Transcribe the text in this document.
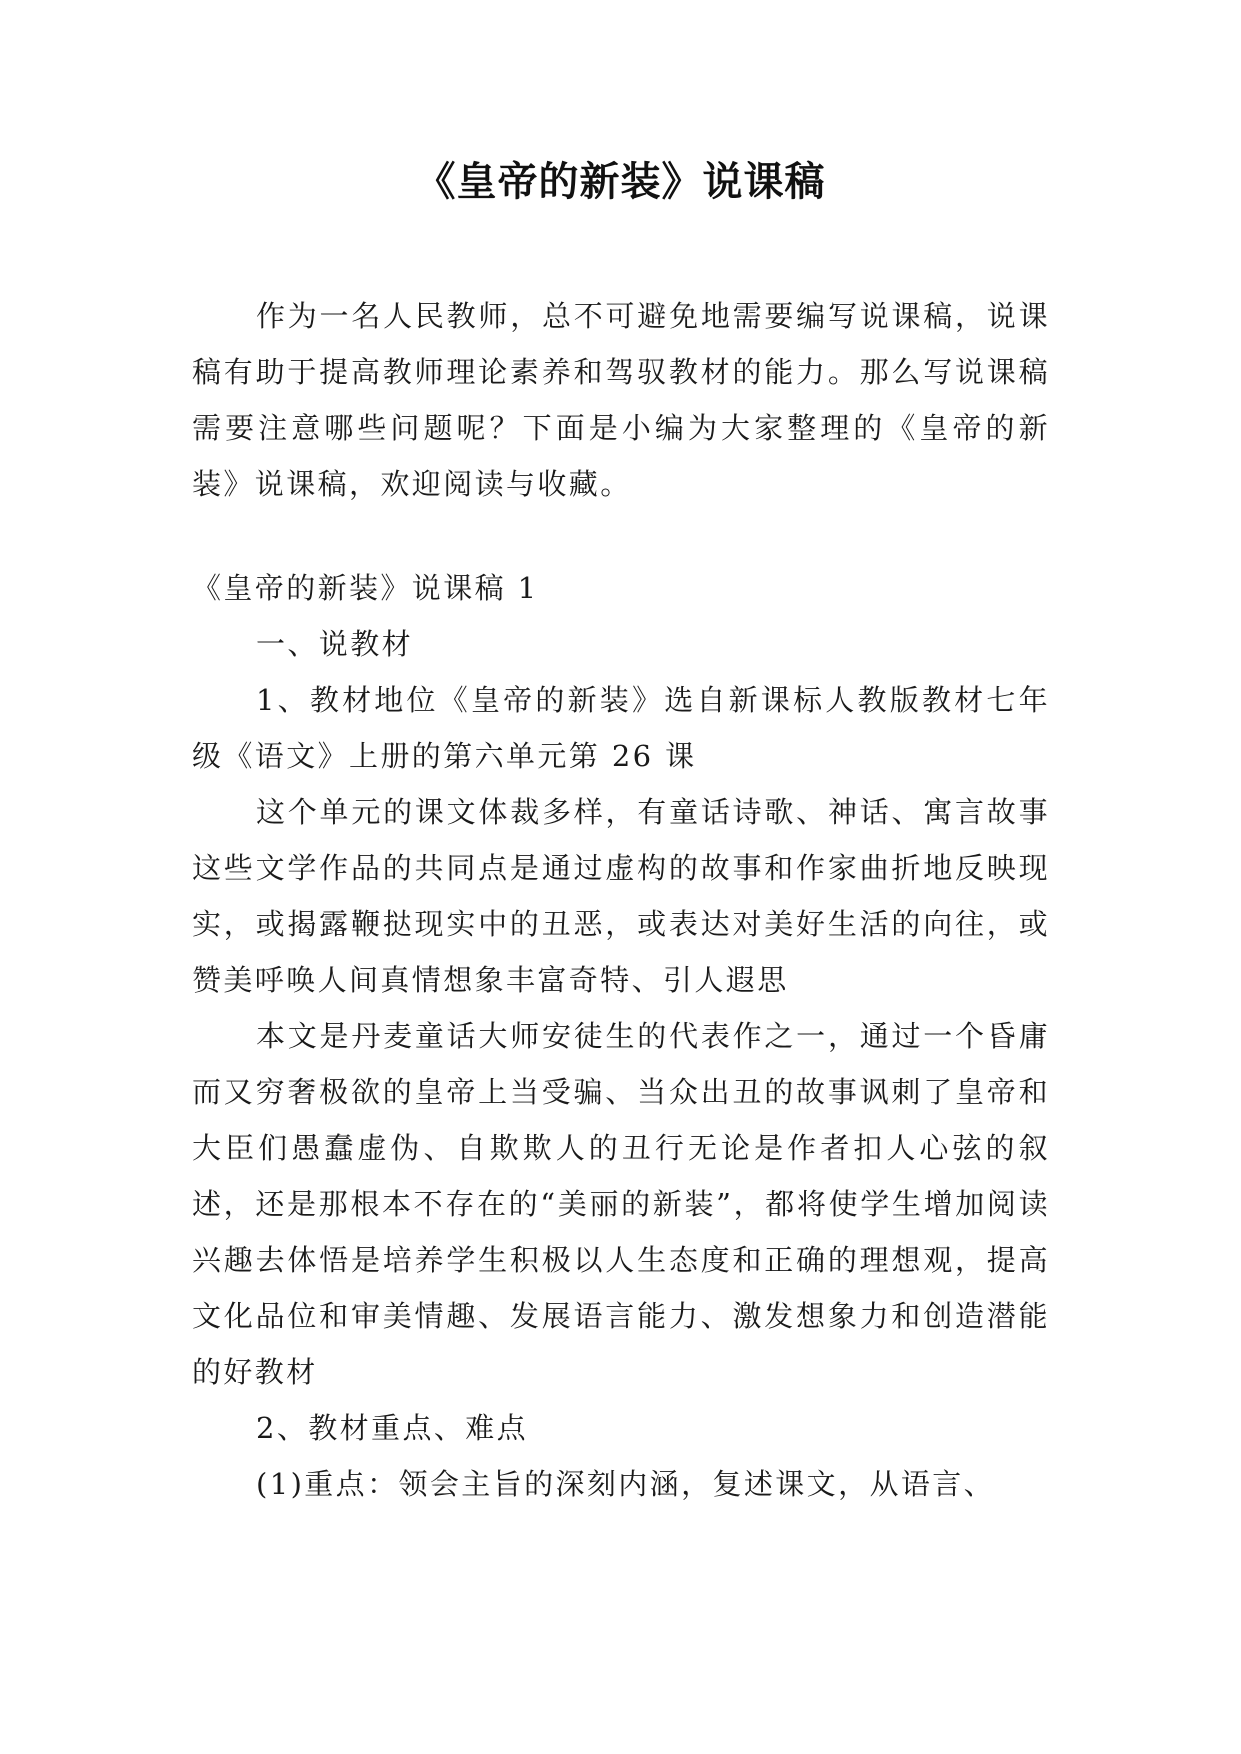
《皇帝的新装》说课稿

作为一名人民教师，总不可避免地需要编写说课稿，说课稿有助于提高教师理论素养和驾驭教材的能力。那么写说课稿需要注意哪些问题呢？下面是小编为大家整理的《皇帝的新装》说课稿，欢迎阅读与收藏。

《皇帝的新装》说课稿 1

一、说教材

1、教材地位《皇帝的新装》选自新课标人教版教材七年级《语文》上册的第六单元第 26 课

这个单元的课文体裁多样，有童话诗歌、神话、寓言故事这些文学作品的共同点是通过虚构的故事和作家曲折地反映现实，或揭露鞭挞现实中的丑恶，或表达对美好生活的向往，或赞美呼唤人间真情想象丰富奇特、引人遐思

本文是丹麦童话大师安徒生的代表作之一，通过一个昏庸而又穷奢极欲的皇帝上当受骗、当众出丑的故事讽刺了皇帝和大臣们愚蠢虚伪、自欺欺人的丑行无论是作者扣人心弦的叙述，还是那根本不存在的“美丽的新装”，都将使学生增加阅读兴趣去体悟是培养学生积极以人生态度和正确的理想观，提高文化品位和审美情趣、发展语言能力、激发想象力和创造潜能的好教材

2、教材重点、难点

(1)重点：领会主旨的深刻内涵，复述课文，从语言、
